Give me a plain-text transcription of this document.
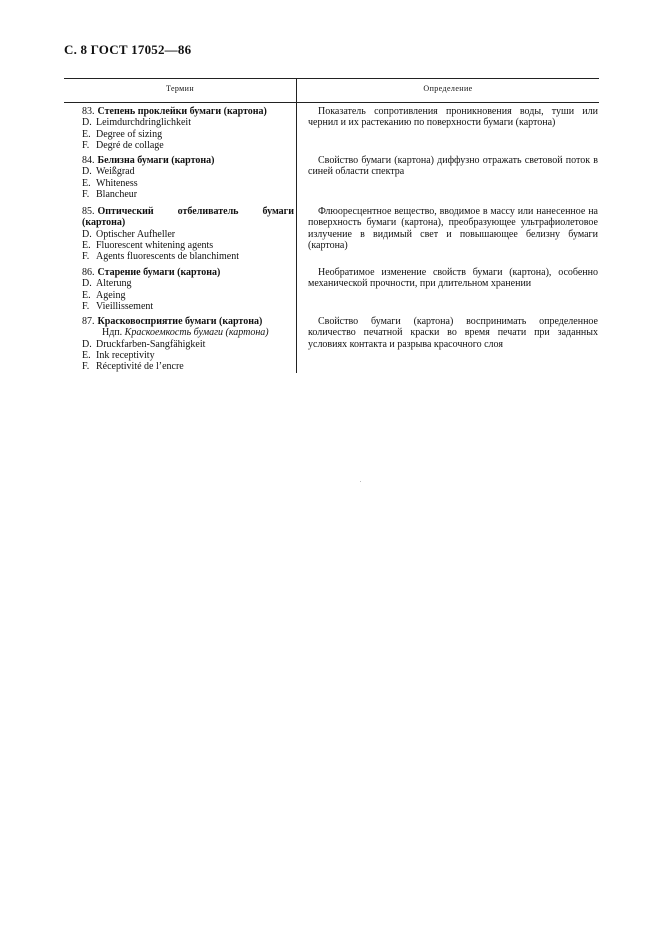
С. 8 ГОСТ 17052—86
Термин	Определение
83. Степень проклейки бумаги (картона)
D. Leimdurchdringlichkeit
E. Degree of sizing
F. Degré de collage
Показатель сопротивления проникновения воды, туши или чернил и их растеканию по поверхности бумаги (картона)
84. Белизна бумаги (картона)
D. Weißgrad
E. Whiteness
F. Blancheur
Свойство бумаги (картона) диффузно отражать световой поток в синей области спектра
85. Оптический отбеливатель бумаги (картона)
D. Optischer Aufheller
E. Fluorescent whitening agents
F. Agents fluorescents de blanchiment
Флюоресцентное вещество, вводимое в массу или нанесенное на поверхность бумаги (картона), преобразующее ультрафиолетовое излучение в видимый свет и повышающее белизну бумаги (картона)
86. Старение бумаги (картона)
D. Alterung
E. Ageing
F. Vieillissement
Необратимое изменение свойств бумаги (картона), особенно механической прочности, при длительном хранении
87. Красковосприятие бумаги (картона)
Ндп. Краскоемкость бумаги (картона)
D. Druckfarben-Sangfähigkeit
E. Ink receptivity
F. Réceptivité de l’encre
Свойство бумаги (картона) воспринимать определенное количество печатной краски во время печати при заданных условиях контакта и разрыва красочного слоя
